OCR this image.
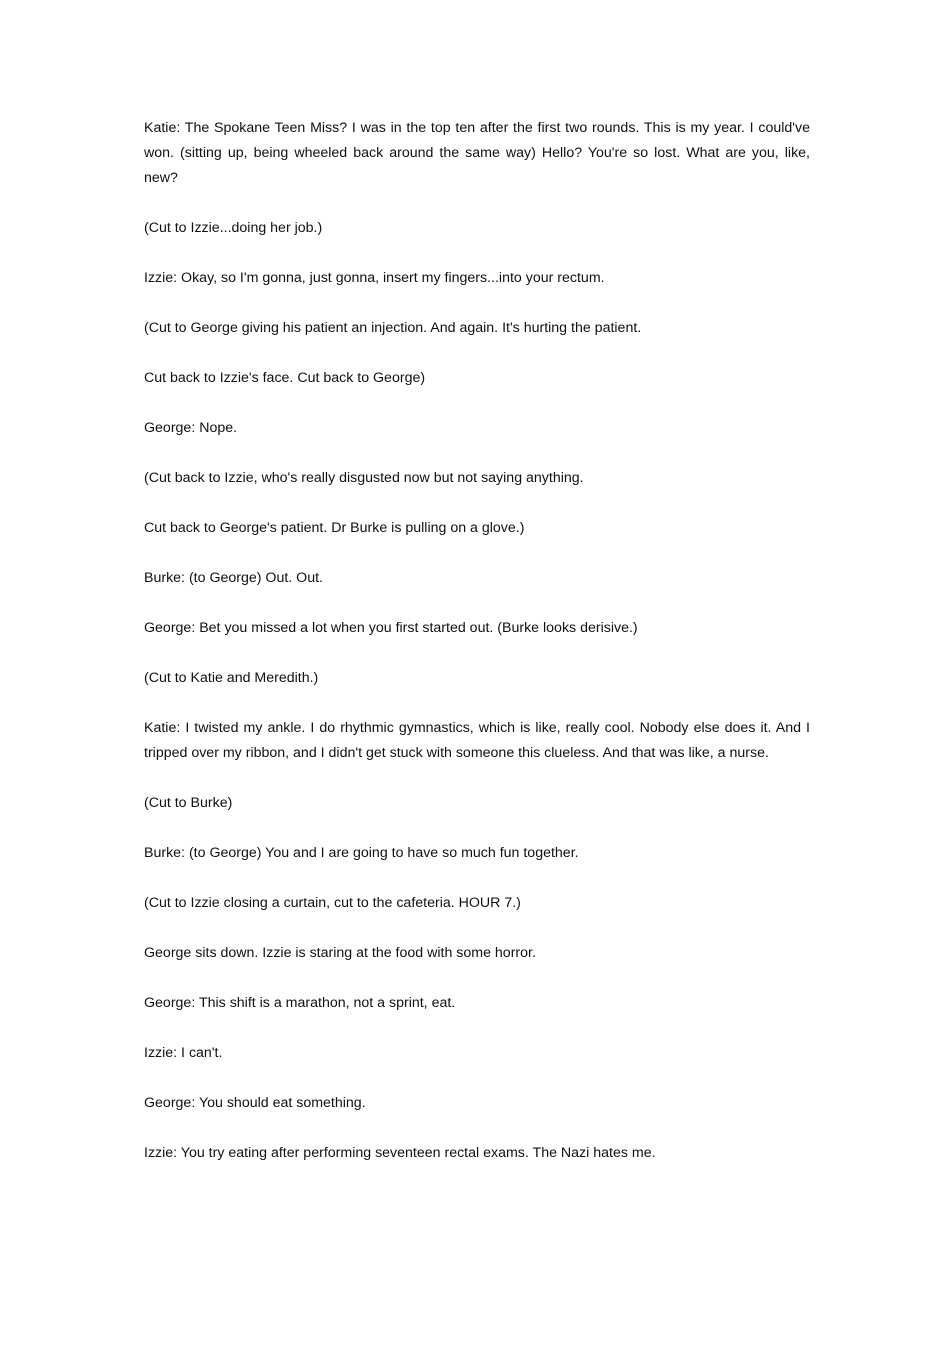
Katie: The Spokane Teen Miss? I was in the top ten after the first two rounds. This is my year. I could've won. (sitting up, being wheeled back around the same way) Hello? You're so lost. What are you, like, new?

(Cut to Izzie...doing her job.)

Izzie: Okay, so I'm gonna, just gonna, insert my fingers...into your rectum.

(Cut to George giving his patient an injection. And again. It's hurting the patient.

Cut back to Izzie's face. Cut back to George)

George: Nope.

(Cut back to Izzie, who's really disgusted now but not saying anything.

Cut back to George's patient. Dr Burke is pulling on a glove.)

Burke: (to George) Out. Out.

George: Bet you missed a lot when you first started out. (Burke looks derisive.)

(Cut to Katie and Meredith.)

Katie: I twisted my ankle. I do rhythmic gymnastics, which is like, really cool. Nobody else does it. And I tripped over my ribbon, and I didn't get stuck with someone this clueless. And that was like, a nurse.

(Cut to Burke)

Burke: (to George) You and I are going to have so much fun together.

(Cut to Izzie closing a curtain, cut to the cafeteria. HOUR 7.)

George sits down. Izzie is staring at the food with some horror.

George: This shift is a marathon, not a sprint, eat.

Izzie: I can't.

George: You should eat something.

Izzie: You try eating after performing seventeen rectal exams. The Nazi hates me.
